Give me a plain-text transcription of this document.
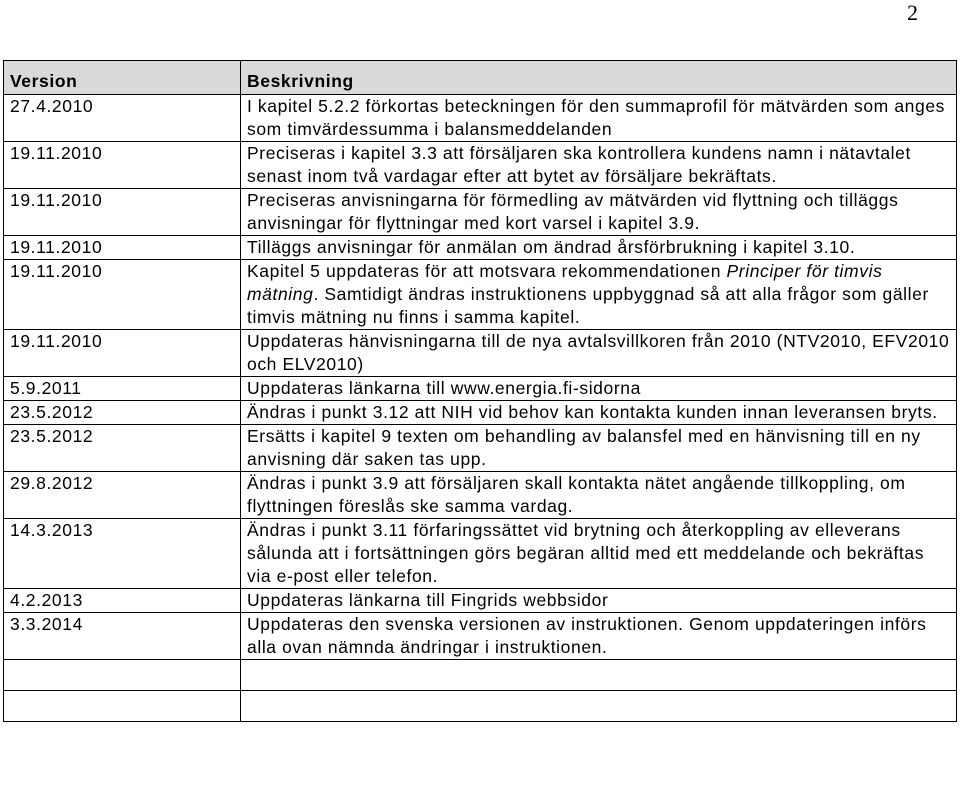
2
Version	Beskrivning
27.4.2010	I kapitel 5.2.2 förkortas beteckningen för den summaprofil för mätvärden som anges som timvärdessumma i balansmeddelanden
19.11.2010	Preciseras i kapitel 3.3 att försäljaren ska kontrollera kundens namn i nätavtalet senast inom två vardagar efter att bytet av försäljare bekräftats.
19.11.2010	Preciseras anvisningarna för förmedling av mätvärden vid flyttning och tilläggs anvisningar för flyttningar med kort varsel i kapitel 3.9.
19.11.2010	Tilläggs anvisningar för anmälan om ändrad årsförbrukning i kapitel 3.10.
19.11.2010	Kapitel 5 uppdateras för att motsvara rekommendationen Principer för timvis mätning. Samtidigt ändras instruktionens uppbyggnad så att alla frågor som gäller timvis mätning nu finns i samma kapitel.
19.11.2010	Uppdateras hänvisningarna till de nya avtalsvillkoren från 2010 (NTV2010, EFV2010 och ELV2010)
5.9.2011	Uppdateras länkarna till www.energia.fi-sidorna
23.5.2012	Ändras i punkt 3.12 att NIH vid behov kan kontakta kunden innan leveransen bryts.
23.5.2012	Ersätts i kapitel 9 texten om behandling av balansfel med en hänvisning till en ny anvisning där saken tas upp.
29.8.2012	Ändras i punkt 3.9 att försäljaren skall kontakta nätet angående tillkoppling, om flyttningen föreslås ske samma vardag.
14.3.2013	Ändras i punkt 3.11 förfaringssättet vid brytning och återkoppling av elleverans sålunda att i fortsättningen görs begäran alltid med ett meddelande och bekräftas via e-post eller telefon.
4.2.2013	Uppdateras länkarna till Fingrids webbsidor
3.3.2014	Uppdateras den svenska versionen av instruktionen. Genom uppdateringen införs alla ovan nämnda ändringar i instruktionen.
